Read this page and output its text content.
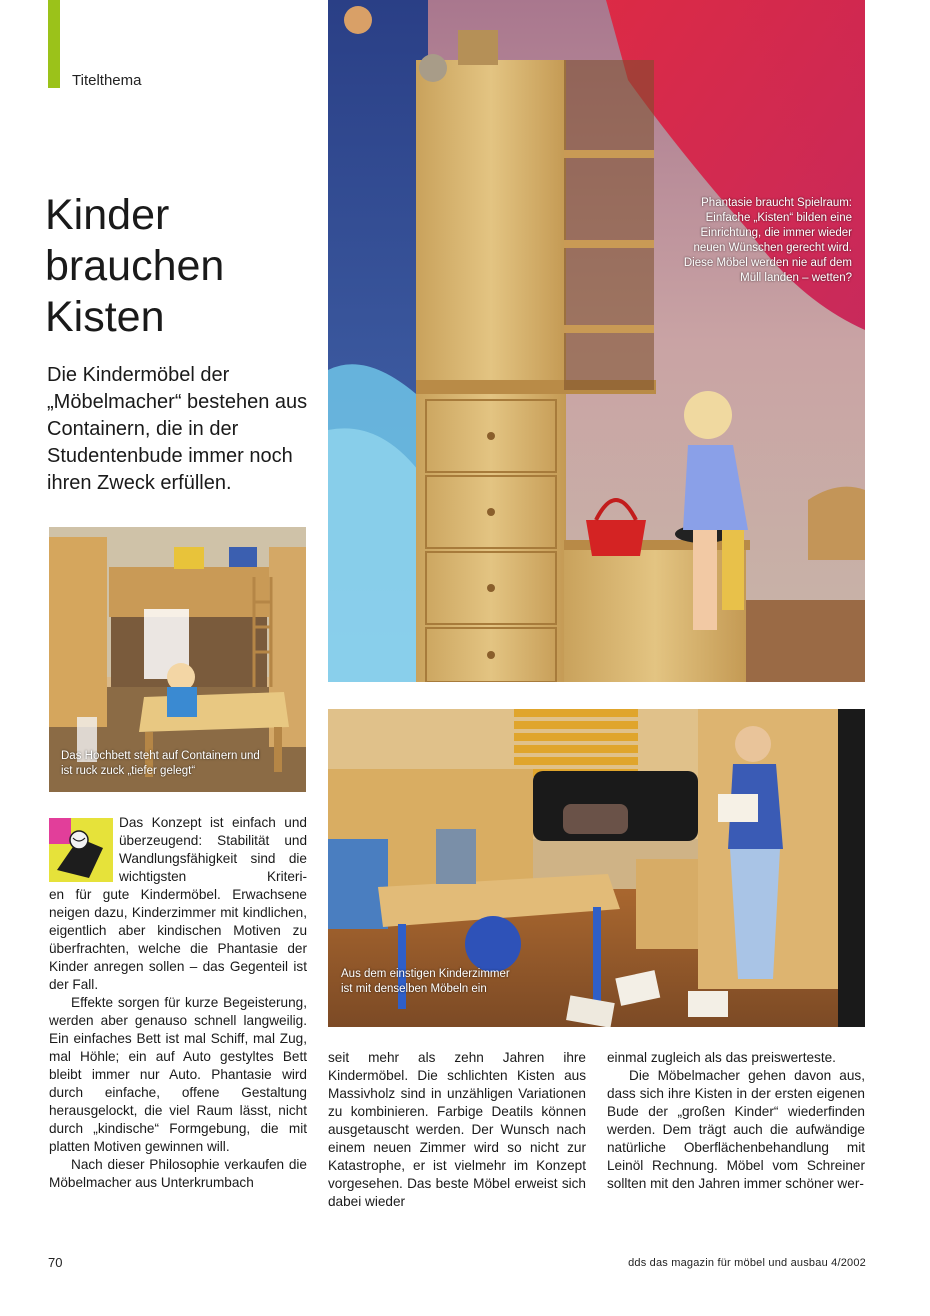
Titelthema
Kinder
brauchen
Kisten
Die Kindermöbel der „Möbelmacher“ bestehen aus Containern, die in der Studentenbude immer noch ihren Zweck erfüllen.
Phantasie braucht Spielraum: Einfache „Kisten“ bilden eine Einrichtung, die immer wieder neuen Wünschen gerecht wird. Diese Möbel werden nie auf dem Müll landen – wetten?
Das Hochbett steht auf Containern und ist ruck zuck „tiefer gelegt“
Aus dem einstigen Kinderzimmer ist mit denselben Möbeln ein

Das Konzept ist einfach und überzeugend: Stabilität und Wandlungsfähigkeit sind die wichtigsten Kriteri-

en für gute Kindermöbel. Erwachsene neigen dazu, Kinderzimmer mit kindlichen, eigentlich aber kindischen Motiven zu überfrachten, welche die Phantasie der Kinder anregen sollen – das Gegenteil ist der Fall.

Effekte sorgen für kurze Begeisterung, werden aber genauso schnell langweilig. Ein einfaches Bett ist mal Schiff, mal Zug, mal Höhle; ein auf Auto gestyltes Bett bleibt immer nur Auto. Phantasie wird durch einfache, offene Gestaltung herausgelockt, die viel Raum lässt, nicht durch „kindische“ Formgebung, die mit platten Motiven gewinnen will.

Nach dieser Philosophie verkaufen die Möbelmacher aus Unterkrumbach

seit mehr als zehn Jahren ihre Kindermöbel. Die schlichten Kisten aus Massivholz sind in unzähligen Variationen zu kombinieren. Farbige Deatils können ausgetauscht werden. Der Wunsch nach einem neuen Zimmer wird so nicht zur Katastrophe, er ist vielmehr im Konzept vorgesehen. Das beste Möbel erweist sich dabei wieder

einmal zugleich als das preiswerteste.

Die Möbelmacher gehen davon aus, dass sich ihre Kisten in der ersten eigenen Bude der „großen Kinder“ wiederfinden werden. Dem trägt auch die aufwändige natürliche Oberflächenbehandlung mit Leinöl Rechnung. Möbel vom Schreiner sollten mit den Jahren immer schöner wer-

70	dds das magazin für möbel und ausbau 4/2002
